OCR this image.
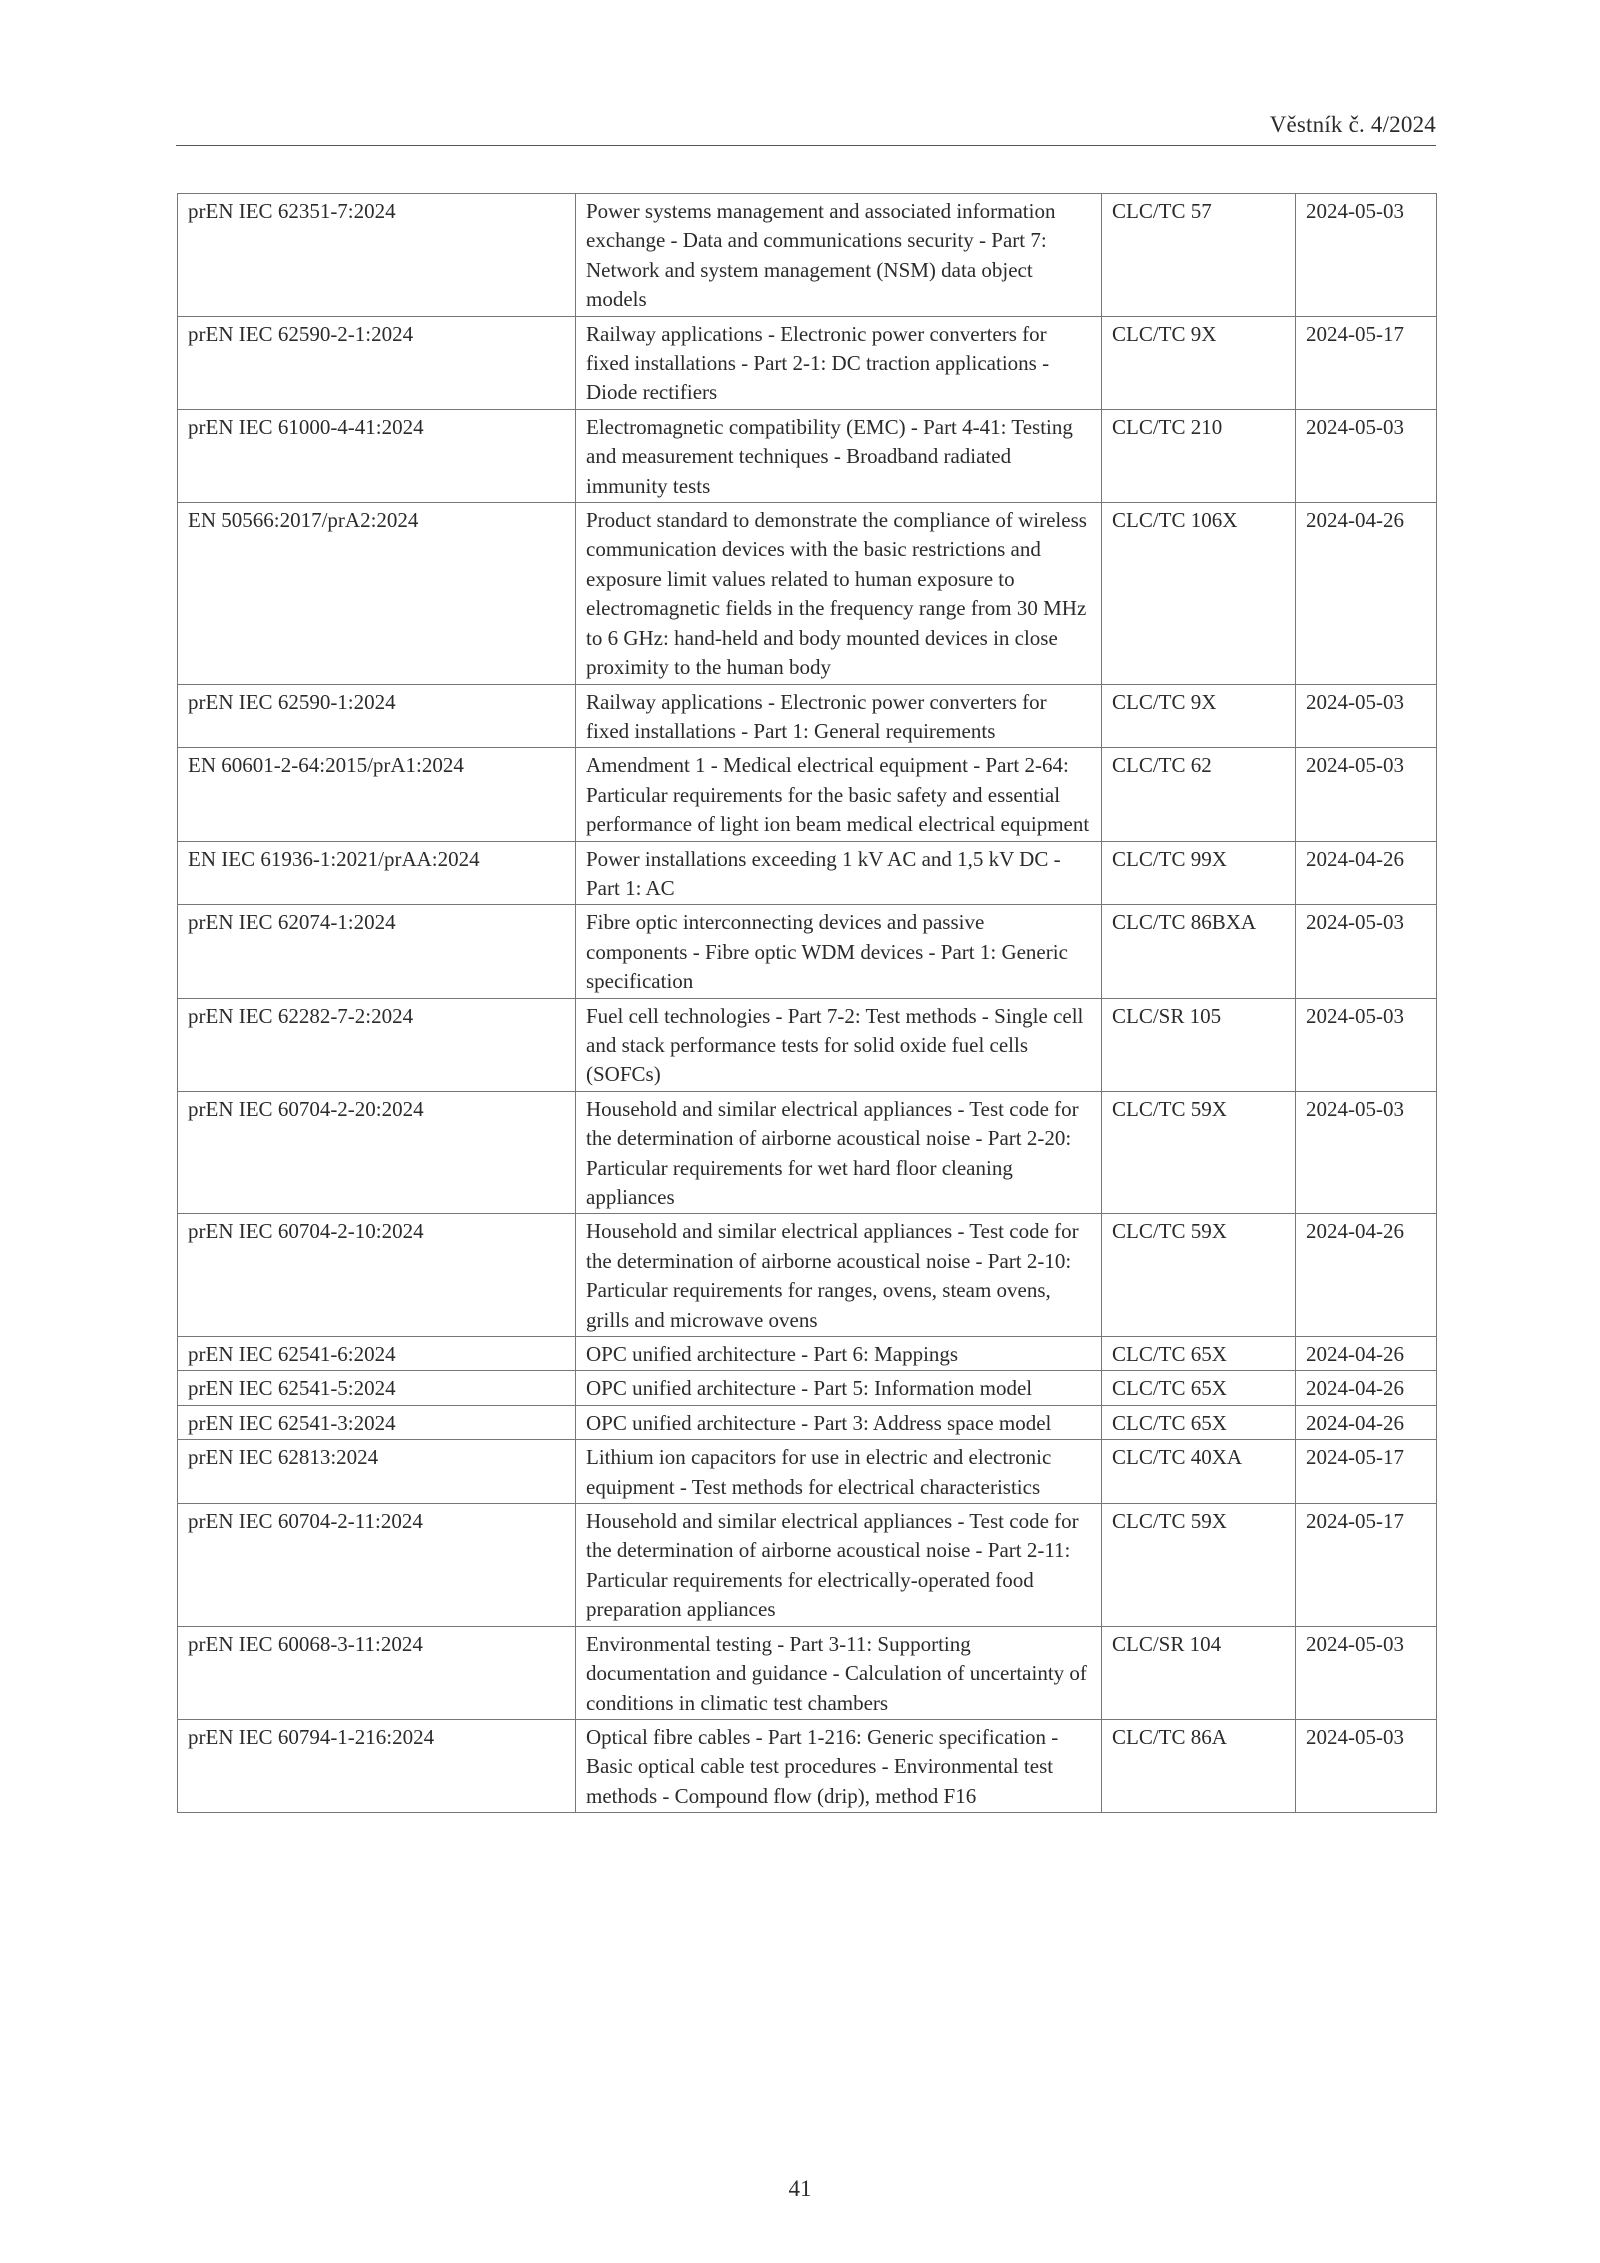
Věstník č. 4/2024
prEN IEC 62351-7:2024	Power systems management and associated information exchange - Data and communications security - Part 7: Network and system management (NSM) data object models	CLC/TC 57	2024-05-03
prEN IEC 62590-2-1:2024	Railway applications - Electronic power converters for fixed installations - Part 2-1: DC traction applications - Diode rectifiers	CLC/TC 9X	2024-05-17
prEN IEC 61000-4-41:2024	Electromagnetic compatibility (EMC) - Part 4-41: Testing and measurement techniques - Broadband radiated immunity tests	CLC/TC 210	2024-05-03
EN 50566:2017/prA2:2024	Product standard to demonstrate the compliance of wireless communication devices with the basic restrictions and exposure limit values related to human exposure to electromagnetic fields in the frequency range from 30 MHz to 6 GHz: hand-held and body mounted devices in close proximity to the human body	CLC/TC 106X	2024-04-26
prEN IEC 62590-1:2024	Railway applications - Electronic power converters for fixed installations - Part 1: General requirements	CLC/TC 9X	2024-05-03
EN 60601-2-64:2015/prA1:2024	Amendment 1 - Medical electrical equipment - Part 2-64: Particular requirements for the basic safety and essential performance of light ion beam medical electrical equipment	CLC/TC 62	2024-05-03
EN IEC 61936-1:2021/prAA:2024	Power installations exceeding 1 kV AC and 1,5 kV DC - Part 1: AC	CLC/TC 99X	2024-04-26
prEN IEC 62074-1:2024	Fibre optic interconnecting devices and passive components - Fibre optic WDM devices - Part 1: Generic specification	CLC/TC 86BXA	2024-05-03
prEN IEC 62282-7-2:2024	Fuel cell technologies - Part 7-2: Test methods - Single cell and stack performance tests for solid oxide fuel cells (SOFCs)	CLC/SR 105	2024-05-03
prEN IEC 60704-2-20:2024	Household and similar electrical appliances - Test code for the determination of airborne acoustical noise - Part 2-20: Particular requirements for wet hard floor cleaning appliances	CLC/TC 59X	2024-05-03
prEN IEC 60704-2-10:2024	Household and similar electrical appliances - Test code for the determination of airborne acoustical noise - Part 2-10: Particular requirements for ranges, ovens, steam ovens, grills and microwave ovens	CLC/TC 59X	2024-04-26
prEN IEC 62541-6:2024	OPC unified architecture - Part 6: Mappings	CLC/TC 65X	2024-04-26
prEN IEC 62541-5:2024	OPC unified architecture - Part 5: Information model	CLC/TC 65X	2024-04-26
prEN IEC 62541-3:2024	OPC unified architecture - Part 3: Address space model	CLC/TC 65X	2024-04-26
prEN IEC 62813:2024	Lithium ion capacitors for use in electric and electronic equipment - Test methods for electrical characteristics	CLC/TC 40XA	2024-05-17
prEN IEC 60704-2-11:2024	Household and similar electrical appliances - Test code for the determination of airborne acoustical noise - Part 2-11: Particular requirements for electrically-operated food preparation appliances	CLC/TC 59X	2024-05-17
prEN IEC 60068-3-11:2024	Environmental testing - Part 3-11: Supporting documentation and guidance - Calculation of uncertainty of conditions in climatic test chambers	CLC/SR 104	2024-05-03
prEN IEC 60794-1-216:2024	Optical fibre cables - Part 1-216: Generic specification - Basic optical cable test procedures - Environmental test methods - Compound flow (drip), method F16	CLC/TC 86A	2024-05-03
41
